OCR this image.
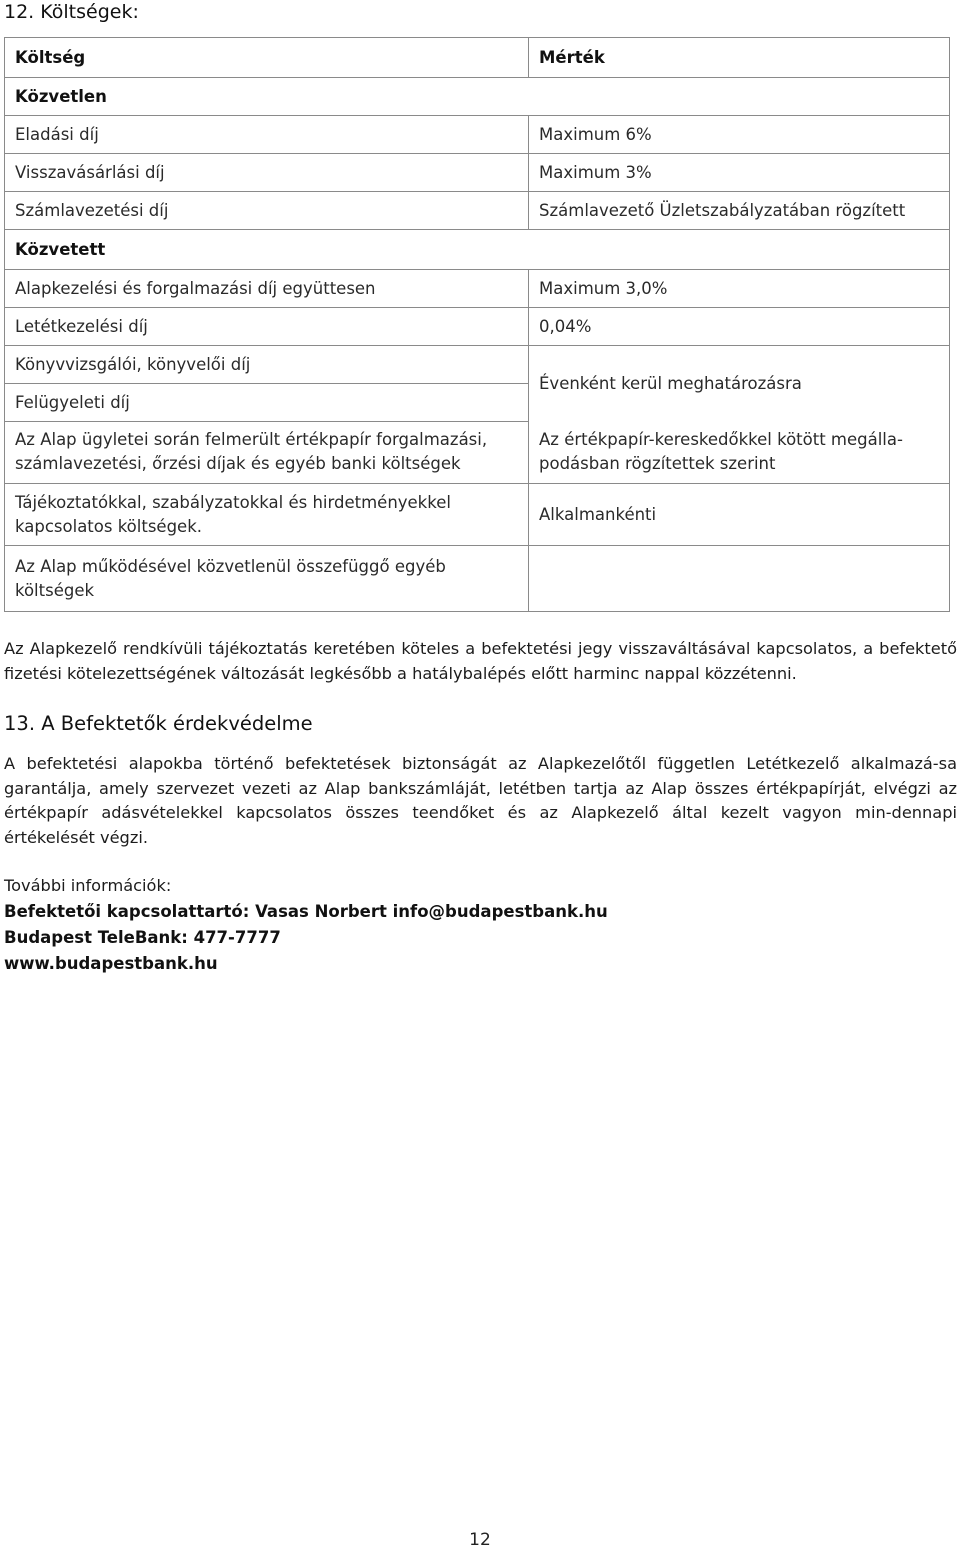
12. Költségek:
Költség	Mérték
Közvetlen	
Eladási díj	Maximum 6%
Visszavásárlási díj	Maximum 3%
Számlavezetési díj	Számlavezető Üzletszabályzatában rögzített
Közvetett	
Alapkezelési és forgalmazási díj együttesen	Maximum 3,0%
Letétkezelési díj	0,04%
Könyvvizsgálói, könyvelői díj	Évenként kerül meghatározásra
Felügyeleti díj	

Az Alap ügyletei során felmerült értékpapír forgalmazási, számlavezetési, őrzési díjak és egyéb banki költségek	Az értékpapír-kereskedőkkel kötött megálla-podásban rögzítettek szerint
Tájékoztatókkal, szabályzatokkal és hirdetményekkel kapcsolatos költségek.	Alkalmankénti
Az Alap működésével közvetlenül összefüggő egyéb költségek	

Az Alapkezelő rendkívüli tájékoztatás keretében köteles a befektetési jegy visszaváltásával kapcsolatos, a befektető fizetési kötelezettségének változását legkésőbb a hatálybalépés előtt harminc nappal közzétenni.

13. A Befektetők érdekvédelme

A befektetési alapokba történő befektetések biztonságát az Alapkezelőtől független Letétkezelő alkalmazá-sa garantálja, amely szervezet vezeti az Alap bankszámláját, letétben tartja az Alap összes értékpapírját, elvégzi az értékpapír adásvételekkel kapcsolatos összes teendőket és az Alapkezelő által kezelt vagyon min-dennapi értékelését végzi.

További információk:

Befektetői kapcsolattartó: Vasas Norbert info@budapestbank.hu

Budapest TeleBank: 477-7777

www.budapestbank.hu

12
